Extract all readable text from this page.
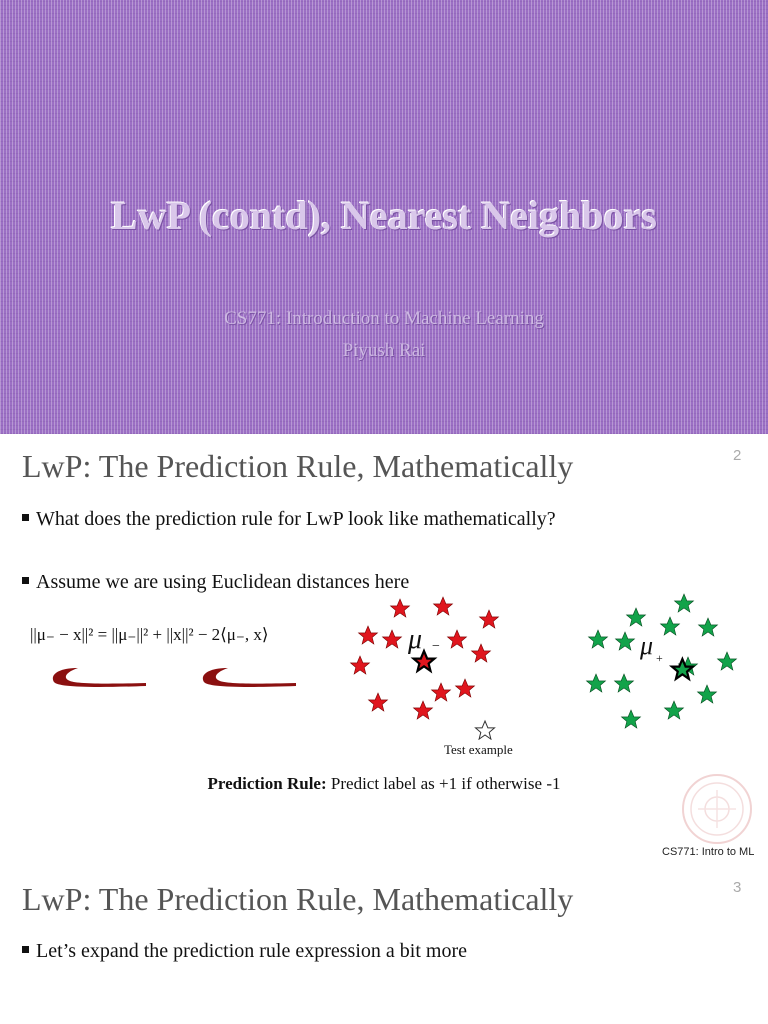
LwP (contd), Nearest Neighbors
CS771: Introduction to Machine Learning
Piyush Rai
LwP: The Prediction Rule, Mathematically	2
What does the prediction rule for LwP look like mathematically?
Assume we are using Euclidean distances here
||μ₋ − x||² = ||μ₋||² + ||x||² − 2⟨μ₋, x⟩	μ −	μ +
Test example
Prediction Rule: Predict label as +1 if otherwise -1
CS771: Intro to ML
LwP: The Prediction Rule, Mathematically	3
Let’s expand the prediction rule expression a bit more
